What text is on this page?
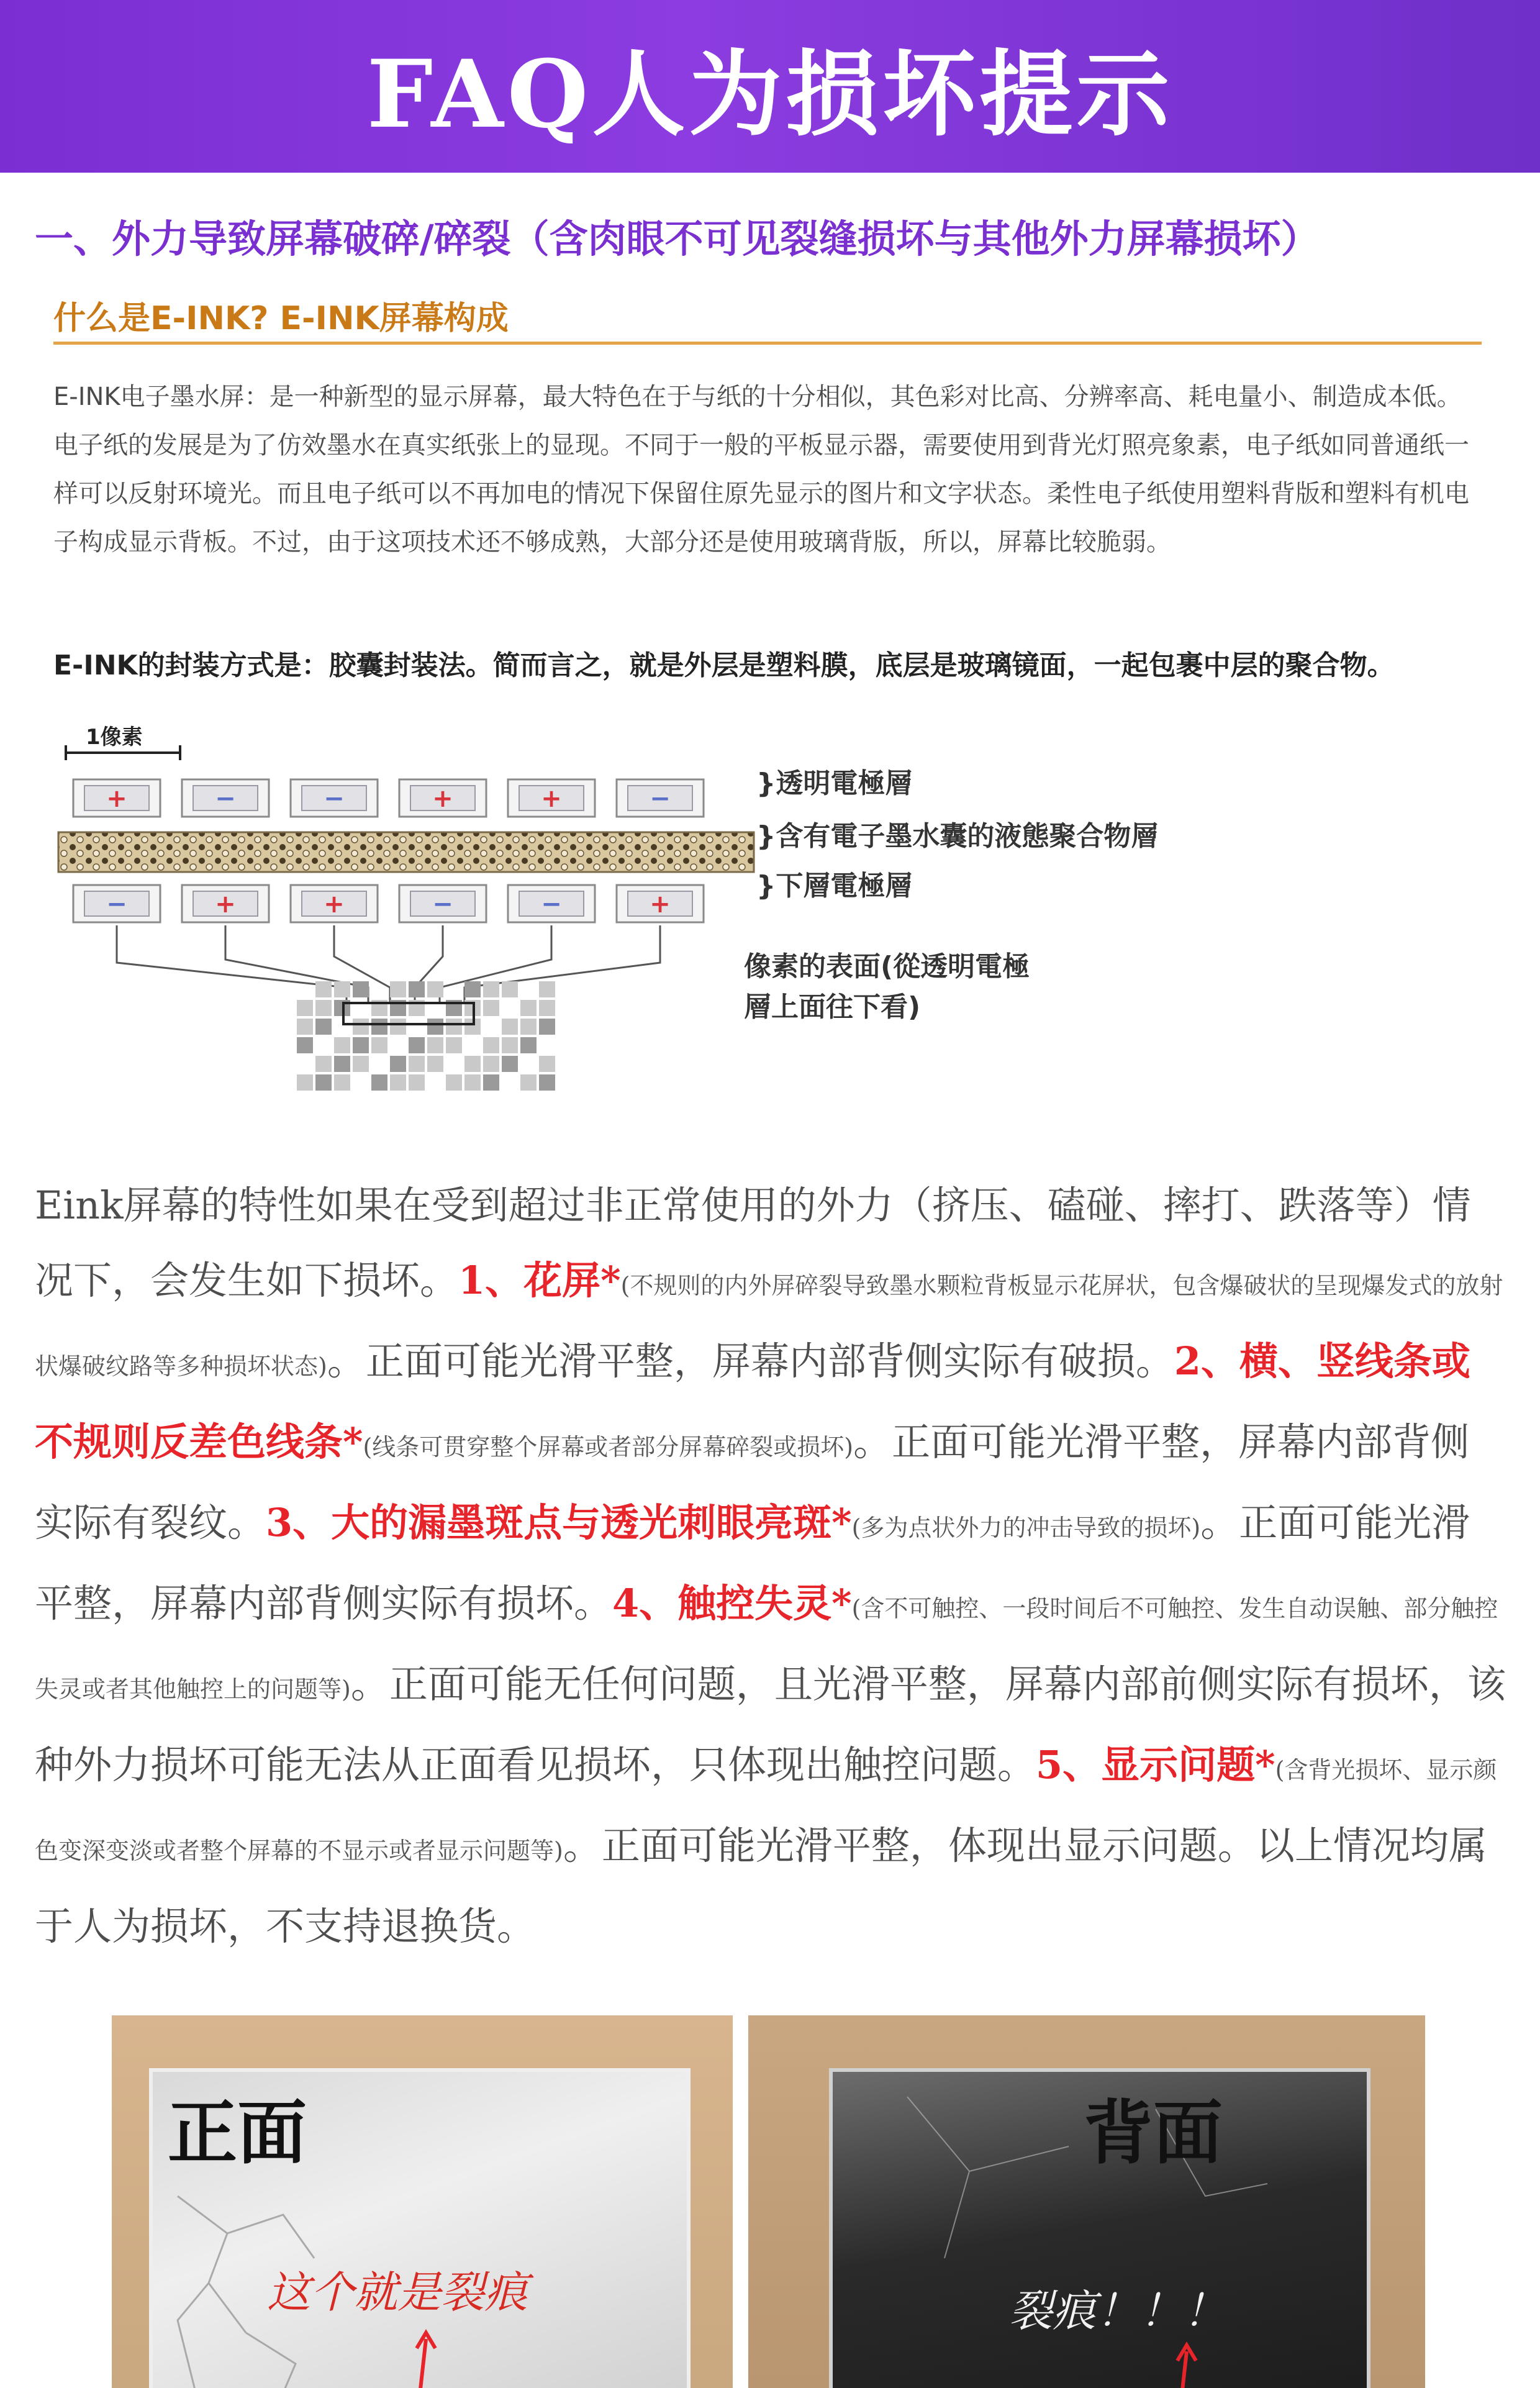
FAQ人为损坏提示
一、外力导致屏幕破碎/碎裂（含肉眼不可见裂缝损坏与其他外力屏幕损坏）
什么是E-INK? E-INK屏幕构成
E-INK电子墨水屏：是一种新型的显示屏幕，最大特色在于与纸的十分相似，其色彩对比高、分辨率高、耗电量小、制造成本低。 电子纸的发展是为了仿效墨水在真实纸张上的显现。不同于一般的平板显示器，需要使用到背光灯照亮象素，电子纸如同普通纸一样可以反射环境光。而且电子纸可以不再加电的情况下保留住原先显示的图片和文字状态。柔性电子纸使用塑料背版和塑料有机电子构成显示背板。不过，由于这项技术还不够成熟，大部分还是使用玻璃背版，所以，屏幕比较脆弱。
E-INK的封装方式是：胶囊封装法。简而言之，就是外层是塑料膜，底层是玻璃镜面，一起包裹中层的聚合物。
1像素
+	−	−	+	+	−
−	+	+	−	−	+
}透明電極層
}含有電子墨水囊的液態聚合物層
}下層電極層
像素的表面(從透明電極
層上面往下看)
Eink屏幕的特性如果在受到超过非正常使用的外力（挤压、磕碰、摔打、跌落等）情况下，会发生如下损坏。1、花屏*(不规则的内外屏碎裂导致墨水颗粒背板显示花屏状，包含爆破状的呈现爆发式的放射状爆破纹路等多种损坏状态)。正面可能光滑平整，屏幕内部背侧实际有破损。2、横、竖线条或不规则反差色线条*(线条可贯穿整个屏幕或者部分屏幕碎裂或损坏)。正面可能光滑平整，屏幕内部背侧实际有裂纹。3、大的漏墨斑点与透光刺眼亮斑*(多为点状外力的冲击导致的损坏)。正面可能光滑平整，屏幕内部背侧实际有损坏。4、触控失灵*(含不可触控、一段时间后不可触控、发生自动误触、部分触控失灵或者其他触控上的问题等)。正面可能无任何问题，且光滑平整，屏幕内部前侧实际有损坏，该种外力损坏可能无法从正面看见损坏，只体现出触控问题。5、显示问题*(含背光损坏、显示颜色变深变淡或者整个屏幕的不显示或者显示问题等)。正面可能光滑平整，体现出显示问题。以上情况均属于人为损坏，不支持退换货。
正面
这个就是裂痕
背面
裂痕！！！
